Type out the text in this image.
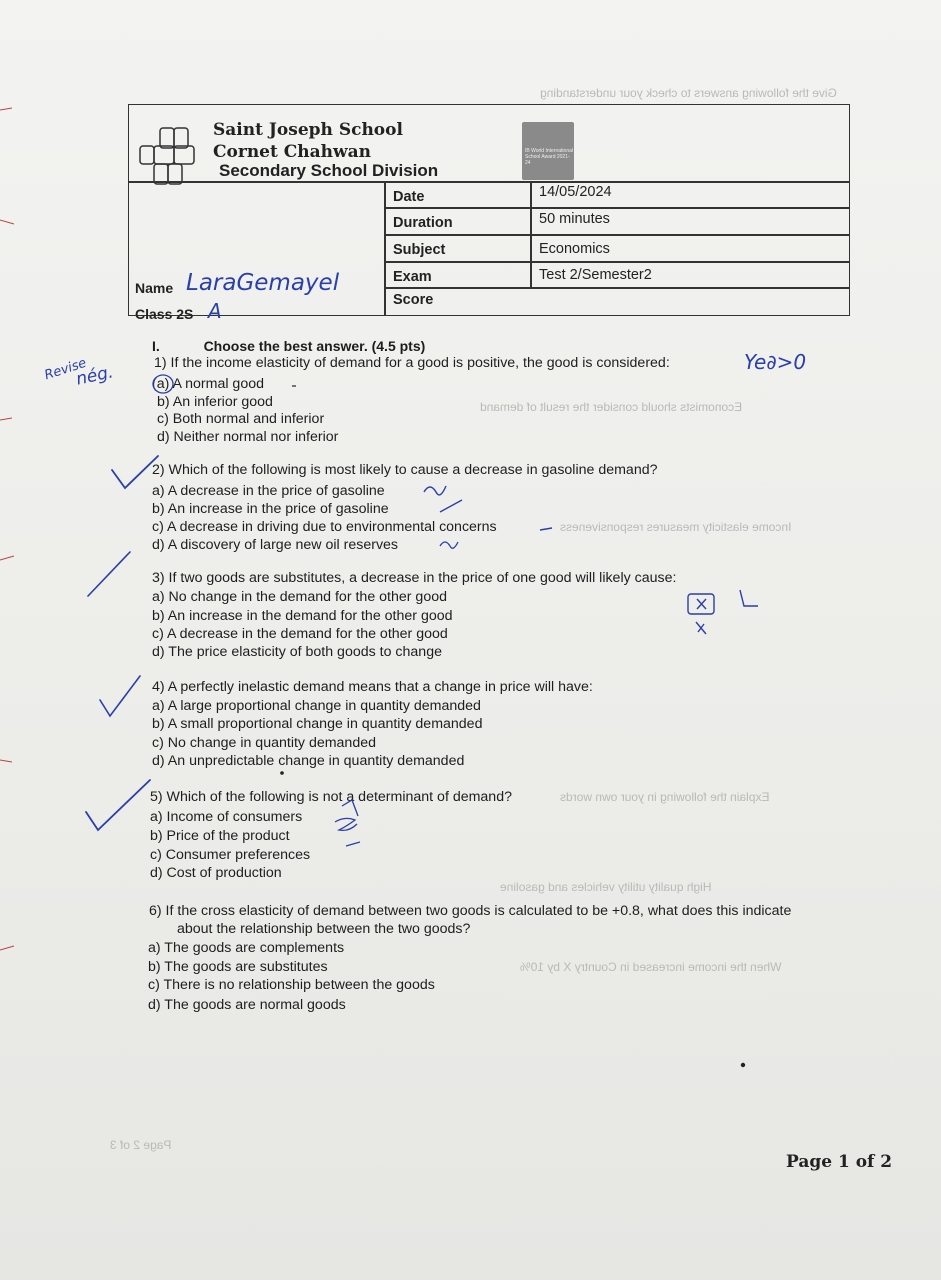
Give the following answers to check your understanding
Economists should consider the result of demand
Income elasticity measures responsiveness
Explain the following in your own words
High quality utility vehicles and gasoline
When the income increased in Country X by 10%
Page 2 of 3
Saint Joseph School
Cornet Chahwan
Secondary School Division
IB World International School Award 2021-24
Date	14/05/2024
Duration	50 minutes
Subject	Economics
Exam	Test 2/Semester2
Score
Name LaraGemayel
Class 2S A
I.	Choose the best answer. (4.5 pts)
1) If the income elasticity of demand for a good is positive, the good is considered:
(a) A normal good
b) An inferior good
c) Both normal and inferior
d) Neither normal nor inferior
2) Which of the following is most likely to cause a decrease in gasoline demand?
a) A decrease in the price of gasoline
b) An increase in the price of gasoline
c) A decrease in driving due to environmental concerns
d) A discovery of large new oil reserves
3) If two goods are substitutes, a decrease in the price of one good will likely cause:
a) No change in the demand for the other good
b) An increase in the demand for the other good
c) A decrease in the demand for the other good
d) The price elasticity of both goods to change
4) A perfectly inelastic demand means that a change in price will have:
a) A large proportional change in quantity demanded
b) A small proportional change in quantity demanded
c) No change in quantity demanded
d) An unpredictable change in quantity demanded
5) Which of the following is not a determinant of demand?
a) Income of consumers
b) Price of the product
c) Consumer preferences
d) Cost of production
6) If the cross elasticity of demand between two goods is calculated to be +0.8, what does this indicate
about the relationship between the two goods?
a) The goods are complements
b) The goods are substitutes
c) There is no relationship between the goods
d) The goods are normal goods
Ye∂>0
Revise
nég.
Page 1 of 2
